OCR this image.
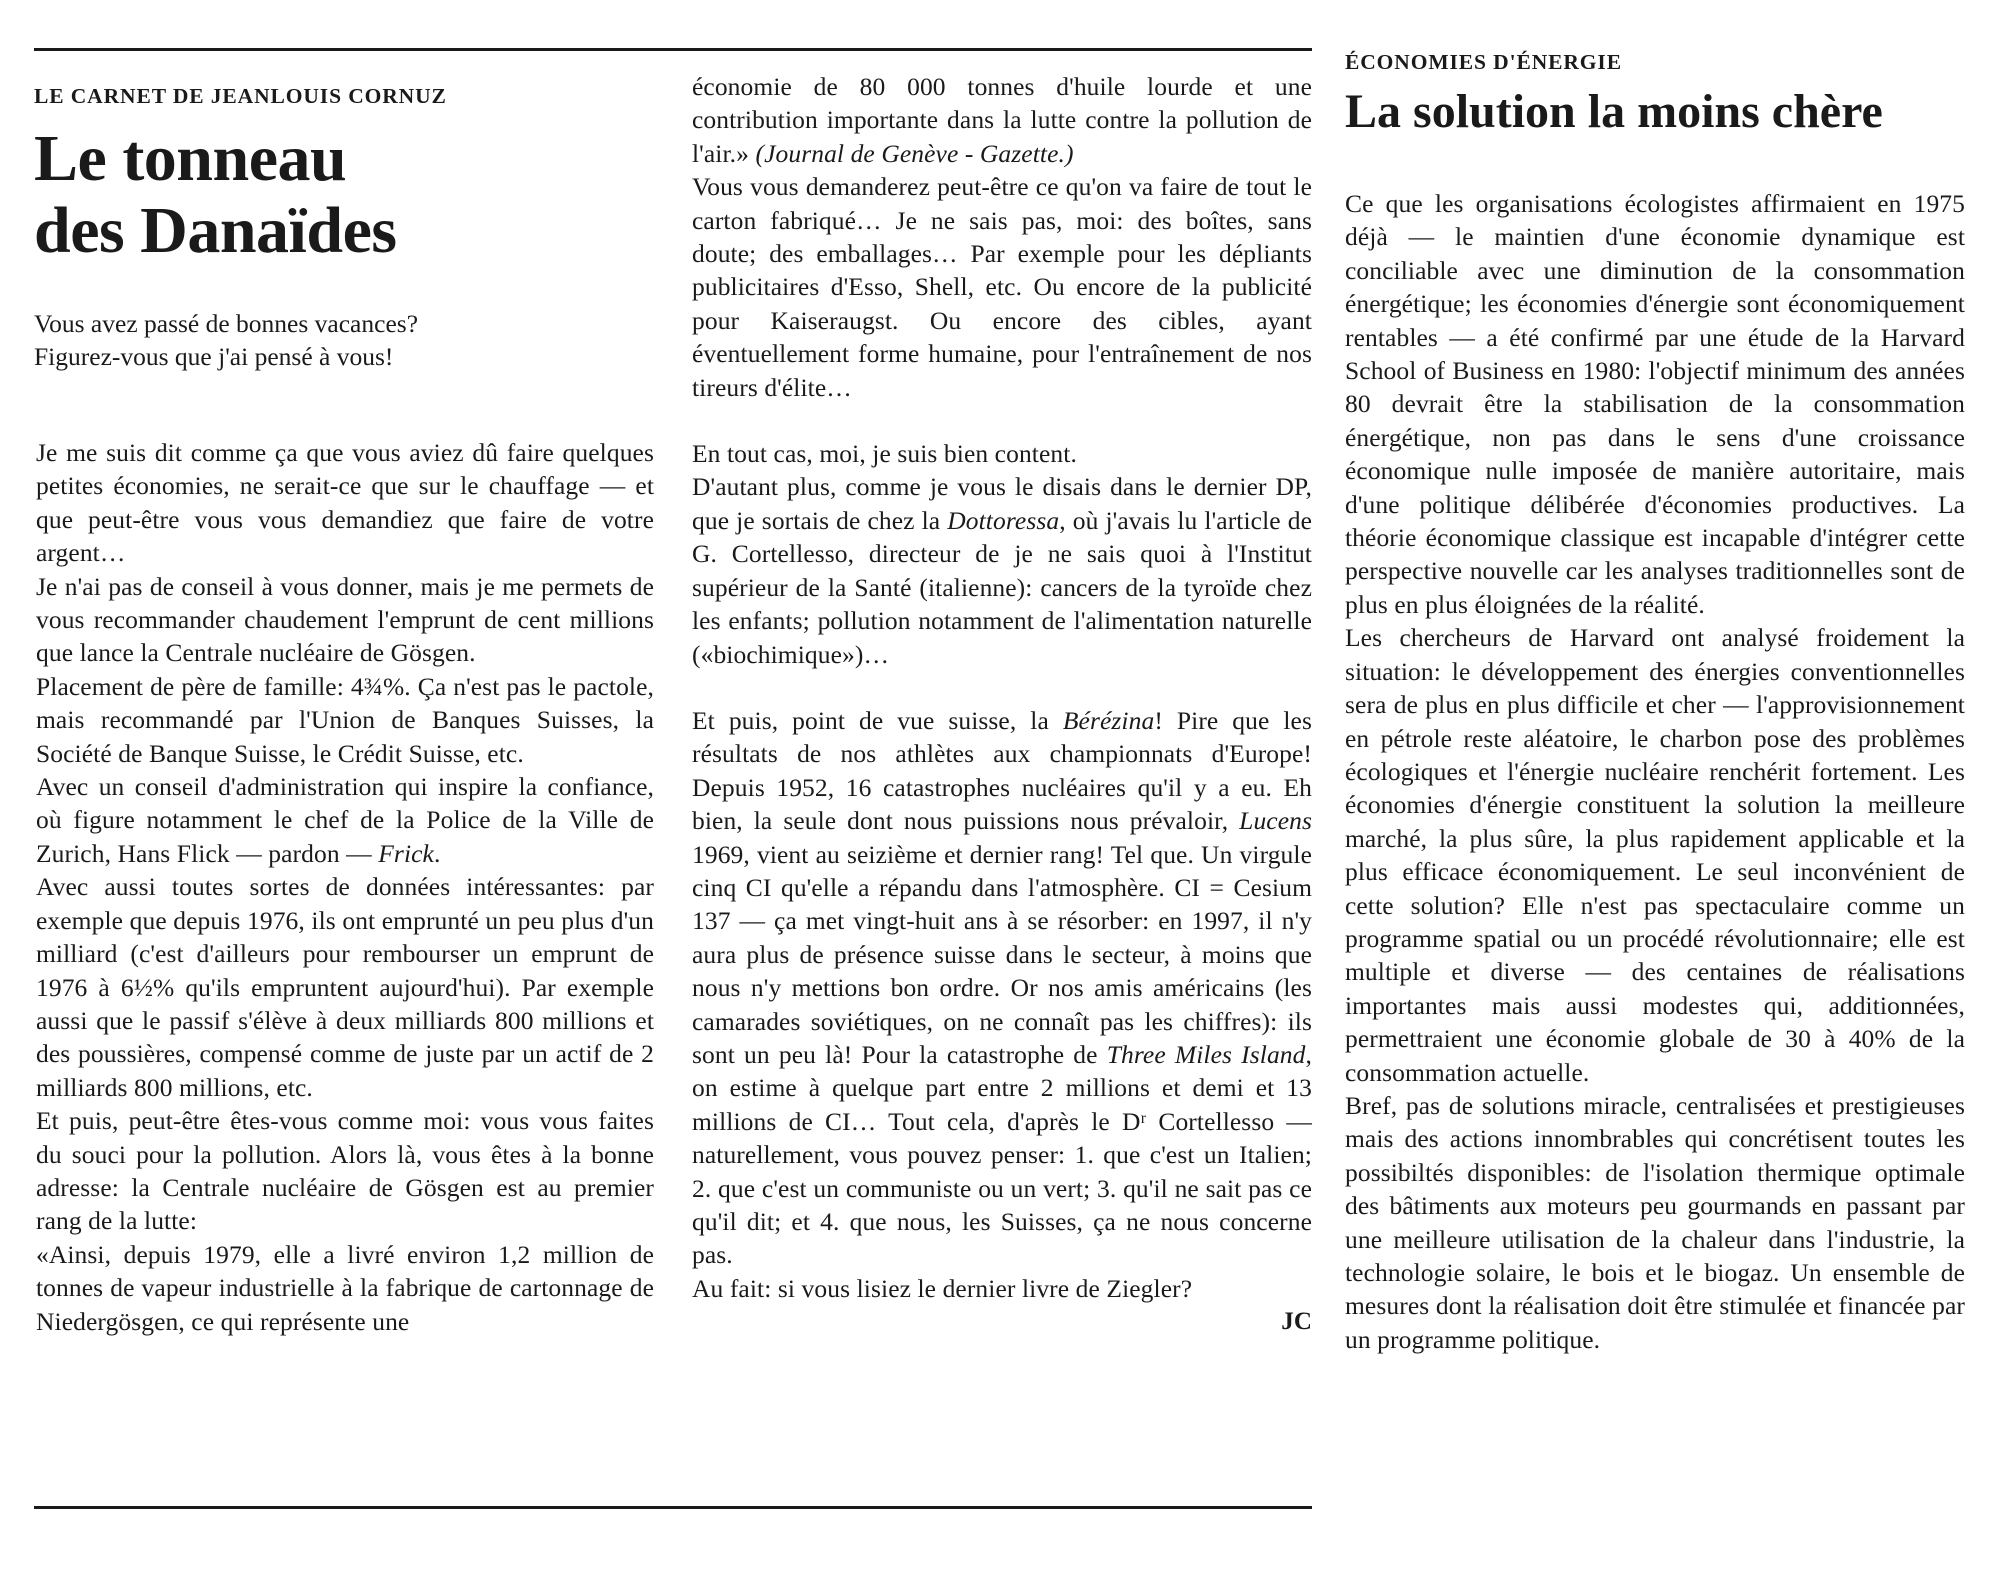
LE CARNET DE JEANLOUIS CORNUZ
Le tonneau
des Danaïdes
Vous avez passé de bonnes vacances?
Figurez-vous que j'ai pensé à vous!

Je me suis dit comme ça que vous aviez dû faire quelques petites économies, ne serait-ce que sur le chauffage — et que peut-être vous vous demandiez que faire de votre argent…

Je n'ai pas de conseil à vous donner, mais je me permets de vous recommander chaudement l'emprunt de cent millions que lance la Centrale nucléaire de Gösgen.

Placement de père de famille: 4¾%. Ça n'est pas le pactole, mais recommandé par l'Union de Banques Suisses, la Société de Banque Suisse, le Crédit Suisse, etc.

Avec un conseil d'administration qui inspire la confiance, où figure notamment le chef de la Police de la Ville de Zurich, Hans Flick — pardon — Frick.

Avec aussi toutes sortes de données intéressantes: par exemple que depuis 1976, ils ont emprunté un peu plus d'un milliard (c'est d'ailleurs pour rembourser un emprunt de 1976 à 6½% qu'ils empruntent aujourd'hui). Par exemple aussi que le passif s'élève à deux milliards 800 millions et des poussières, compensé comme de juste par un actif de 2 milliards 800 millions, etc.

Et puis, peut-être êtes-vous comme moi: vous vous faites du souci pour la pollution. Alors là, vous êtes à la bonne adresse: la Centrale nucléaire de Gösgen est au premier rang de la lutte:

«Ainsi, depuis 1979, elle a livré environ 1,2 million de tonnes de vapeur industrielle à la fabrique de cartonnage de Niedergösgen, ce qui représente une

économie de 80 000 tonnes d'huile lourde et une contribution importante dans la lutte contre la pollution de l'air.» (Journal de Genève - Gazette.)

Vous vous demanderez peut-être ce qu'on va faire de tout le carton fabriqué… Je ne sais pas, moi: des boîtes, sans doute; des emballages… Par exemple pour les dépliants publicitaires d'Esso, Shell, etc. Ou encore de la publicité pour Kaiseraugst. Ou encore des cibles, ayant éventuellement forme humaine, pour l'entraînement de nos tireurs d'élite…

En tout cas, moi, je suis bien content.

D'autant plus, comme je vous le disais dans le dernier DP, que je sortais de chez la Dottoressa, où j'avais lu l'article de G. Cortellesso, directeur de je ne sais quoi à l'Institut supérieur de la Santé (italienne): cancers de la tyroïde chez les enfants; pollution notamment de l'alimentation naturelle («biochimique»)…

Et puis, point de vue suisse, la Bérézina! Pire que les résultats de nos athlètes aux championnats d'Europe! Depuis 1952, 16 catastrophes nucléaires qu'il y a eu. Eh bien, la seule dont nous puissions nous prévaloir, Lucens 1969, vient au seizième et dernier rang! Tel que. Un virgule cinq CI qu'elle a répandu dans l'atmosphère. CI = Cesium 137 — ça met vingt-huit ans à se résorber: en 1997, il n'y aura plus de présence suisse dans le secteur, à moins que nous n'y mettions bon ordre. Or nos amis américains (les camarades soviétiques, on ne connaît pas les chiffres): ils sont un peu là! Pour la catastrophe de Three Miles Island, on estime à quelque part entre 2 millions et demi et 13 millions de CI… Tout cela, d'après le Dʳ Cortellesso — naturellement, vous pouvez penser: 1. que c'est un Italien; 2. que c'est un communiste ou un vert; 3. qu'il ne sait pas ce qu'il dit; et 4. que nous, les Suisses, ça ne nous concerne pas.

Au fait: si vous lisiez le dernier livre de Ziegler?

JC
ÉCONOMIES D'ÉNERGIE
La solution la moins chère

Ce que les organisations écologistes affirmaient en 1975 déjà — le maintien d'une économie dynamique est conciliable avec une diminution de la consommation énergétique; les économies d'énergie sont économiquement rentables — a été confirmé par une étude de la Harvard School of Business en 1980: l'objectif minimum des années 80 devrait être la stabilisation de la consommation énergétique, non pas dans le sens d'une croissance économique nulle imposée de manière autoritaire, mais d'une politique délibérée d'économies productives. La théorie économique classique est incapable d'intégrer cette perspective nouvelle car les analyses traditionnelles sont de plus en plus éloignées de la réalité.

Les chercheurs de Harvard ont analysé froidement la situation: le développement des énergies conventionnelles sera de plus en plus difficile et cher — l'approvisionnement en pétrole reste aléatoire, le charbon pose des problèmes écologiques et l'énergie nucléaire renchérit fortement. Les économies d'énergie constituent la solution la meilleure marché, la plus sûre, la plus rapidement applicable et la plus efficace économiquement. Le seul inconvénient de cette solution? Elle n'est pas spectaculaire comme un programme spatial ou un procédé révolutionnaire; elle est multiple et diverse — des centaines de réalisations importantes mais aussi modestes qui, additionnées, permettraient une économie globale de 30 à 40% de la consommation actuelle.

Bref, pas de solutions miracle, centralisées et prestigieuses mais des actions innombrables qui concrétisent toutes les possibiltés disponibles: de l'isolation thermique optimale des bâtiments aux moteurs peu gourmands en passant par une meilleure utilisation de la chaleur dans l'industrie, la technologie solaire, le bois et le biogaz. Un ensemble de mesures dont la réalisation doit être stimulée et financée par un programme politique.
